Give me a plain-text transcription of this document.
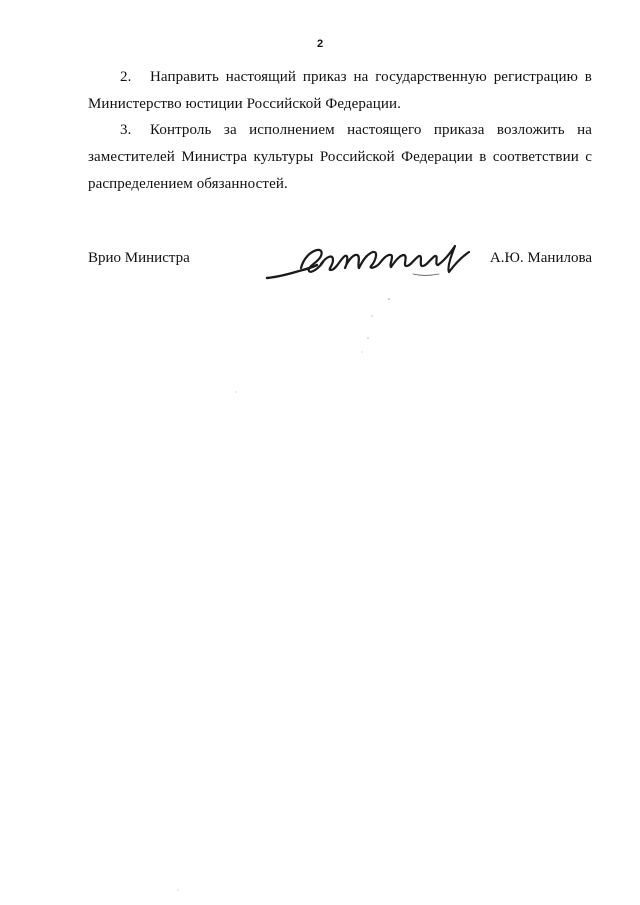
2

2. Направить настоящий приказ на государственную регистрацию в Министерство юстиции Российской Федерации.

3. Контроль за исполнением настоящего приказа возложить на заместителей Министра культуры Российской Федерации в соответствии с распределением обязанностей.

Врио Министра	А.Ю. Манилова
